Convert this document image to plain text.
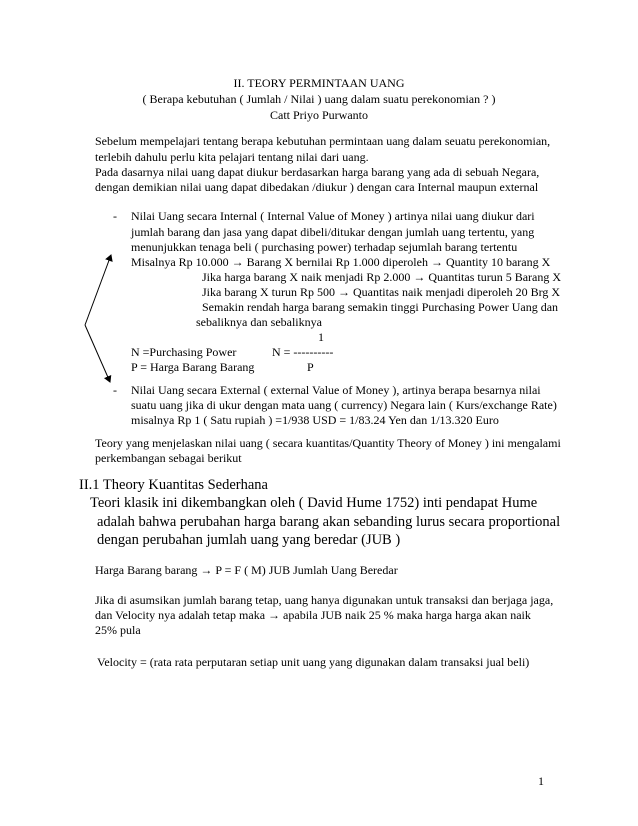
II. TEORY PERMINTAAN UANG
( Berapa kebutuhan ( Jumlah / Nilai ) uang dalam suatu perekonomian ? )
Catt Priyo Purwanto
Sebelum mempelajari tentang berapa kebutuhan permintaan uang dalam seuatu perekonomian,
terlebih dahulu perlu kita pelajari tentang nilai dari uang.
Pada dasarnya nilai uang dapat diukur berdasarkan harga barang yang ada di sebuah Negara,
dengan demikian nilai uang dapat dibedakan /diukur ) dengan cara Internal maupun external
- Nilai Uang secara Internal ( Internal Value of Money ) artinya nilai uang diukur dari
jumlah barang dan jasa yang dapat dibeli/ditukar dengan jumlah uang tertentu, yang
menunjukkan tenaga beli ( purchasing power) terhadap sejumlah barang tertentu
Misalnya Rp 10.000 → Barang X bernilai Rp 1.000 diperoleh → Quantity 10 barang X
Jika harga barang X naik menjadi Rp 2.000 → Quantitas turun 5 Barang X
Jika barang X turun Rp 500 → Quantitas naik menjadi diperoleh 20 Brg X
Semakin rendah harga barang semakin tinggi Purchasing Power Uang dan
sebaliknya dan sebaliknya
1
N =Purchasing Power	N = ----------
P = Harga Barang Barang	P
- Nilai Uang secara External ( external Value of Money ), artinya berapa besarnya nilai
suatu uang jika di ukur dengan mata uang ( currency) Negara lain ( Kurs/exchange Rate)
misalnya Rp 1 ( Satu rupiah ) =1/938 USD = 1/83.24 Yen dan 1/13.320 Euro
Teory yang menjelaskan nilai uang ( secara kuantitas/Quantity Theory of Money ) ini mengalami
perkembangan sebagai berikut
II.1 Theory Kuantitas Sederhana
Teori klasik ini dikembangkan oleh ( David Hume 1752) inti pendapat Hume
adalah bahwa perubahan harga barang akan sebanding lurus secara proportional
dengan perubahan jumlah uang yang beredar (JUB )
Harga Barang barang → P = F ( M) JUB Jumlah Uang Beredar
Jika di asumsikan jumlah barang tetap, uang hanya digunakan untuk transaksi dan berjaga jaga,
dan Velocity nya adalah tetap maka → apabila JUB naik 25 % maka harga harga akan naik
25% pula
Velocity = (rata rata perputaran setiap unit uang yang digunakan dalam transaksi jual beli)
1
